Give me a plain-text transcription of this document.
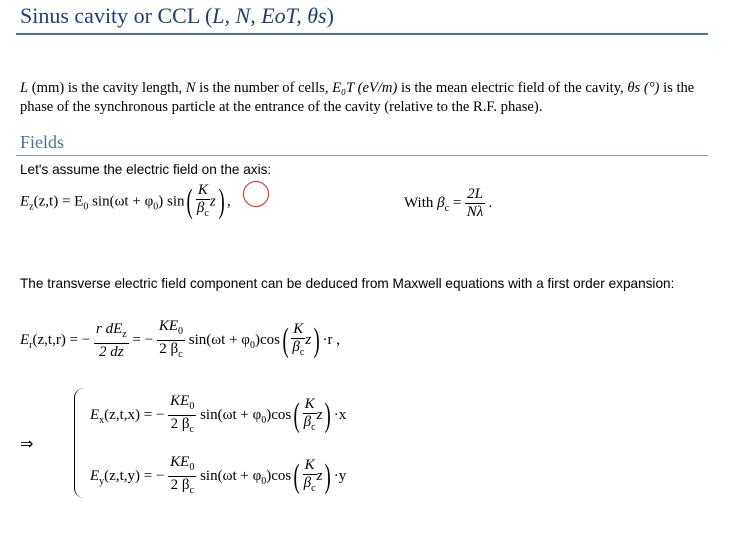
Sinus cavity or CCL (L, N, EoT, θs)
L (mm) is the cavity length, N is the number of cells, E₀T (eV/m) is the mean electric field of the cavity, θs (°) is the phase of the synchronous particle at the entrance of the cavity (relative to the R.F. phase).
Fields
Let's assume the electric field on the axis:
$E_z(z,t) = E_0$ $\sin(\omega t + \varphi_0)$ $\sin( \frac{K}{\beta_c} z)$ ,	With $\beta_c = \frac{2L}{N\lambda}$ .
The transverse electric field component can be deduced from Maxwell equations with a first order expansion:
$E_r(z,t,r)$ = − $\frac{r dE_z}{2 dz}$ = − $\frac{KE_0}{2 \beta_c} \sin(\omega t + \varphi_0)\cos( \frac{K}{\beta_c} z) \cdot r$ ,
⇒
$E_x(z,t,x)$ = − $\frac{KE_0}{2 \beta_c} \sin(\omega t + \varphi_0)\cos( \frac{K}{\beta_c} z) \cdot x$
$E_y(z,t,y)$ = − $\frac{KE_0}{2 \beta_c} \sin(\omega t + \varphi_0)\cos( \frac{K}{\beta_c} z) \cdot y$
